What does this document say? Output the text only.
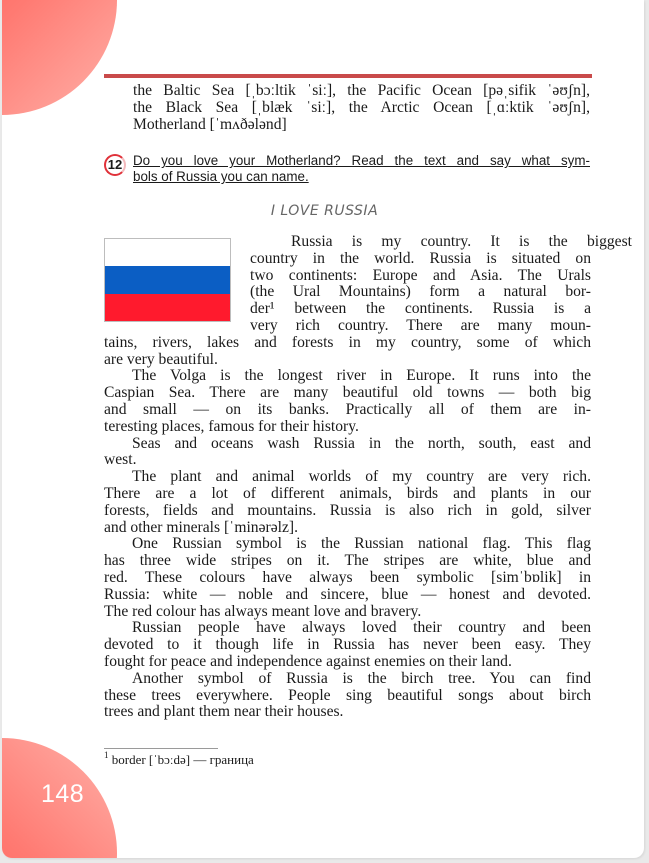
148
the Baltic Sea [ˌbɔːltik ˈsiː], the Pacific Ocean [pəˌsifik ˈəʊʃn],
the Black Sea [ˌblæk ˈsiː], the Arctic Ocean [ˌɑːktik ˈəʊʃn],
Motherland [ˈmʌðələnd]
12 Do you love your Motherland? Read the text and say what sym-
bols of Russia you can name.
I LOVE RUSSIA
Russia is my country. It is the biggest
country in the world. Russia is situated on
two continents: Europe and Asia. The Urals
(the Ural Mountains) form a natural bor-
der¹ between the continents. Russia is a
very rich country. There are many moun-
tains, rivers, lakes and forests in my country, some of which
are very beautiful.
The Volga is the longest river in Europe. It runs into the
Caspian Sea. There are many beautiful old towns — both big
and small — on its banks. Practically all of them are in-
teresting places, famous for their history.
Seas and oceans wash Russia in the north, south, east and
west.
The plant and animal worlds of my country are very rich.
There are a lot of different animals, birds and plants in our
forests, fields and mountains. Russia is also rich in gold, silver
and other minerals [ˈminərəlz].
One Russian symbol is the Russian national flag. This flag
has three wide stripes on it. The stripes are white, blue and
red. These colours have always been symbolic [simˈbɒlik] in
Russia: white — noble and sincere, blue — honest and devoted.
The red colour has always meant love and bravery.
Russian people have always loved their country and been
devoted to it though life in Russia has never been easy. They
fought for peace and independence against enemies on their land.
Another symbol of Russia is the birch tree. You can find
these trees everywhere. People sing beautiful songs about birch
trees and plant them near their houses.
$^1$ border [ˈbɔːdə] — граница
